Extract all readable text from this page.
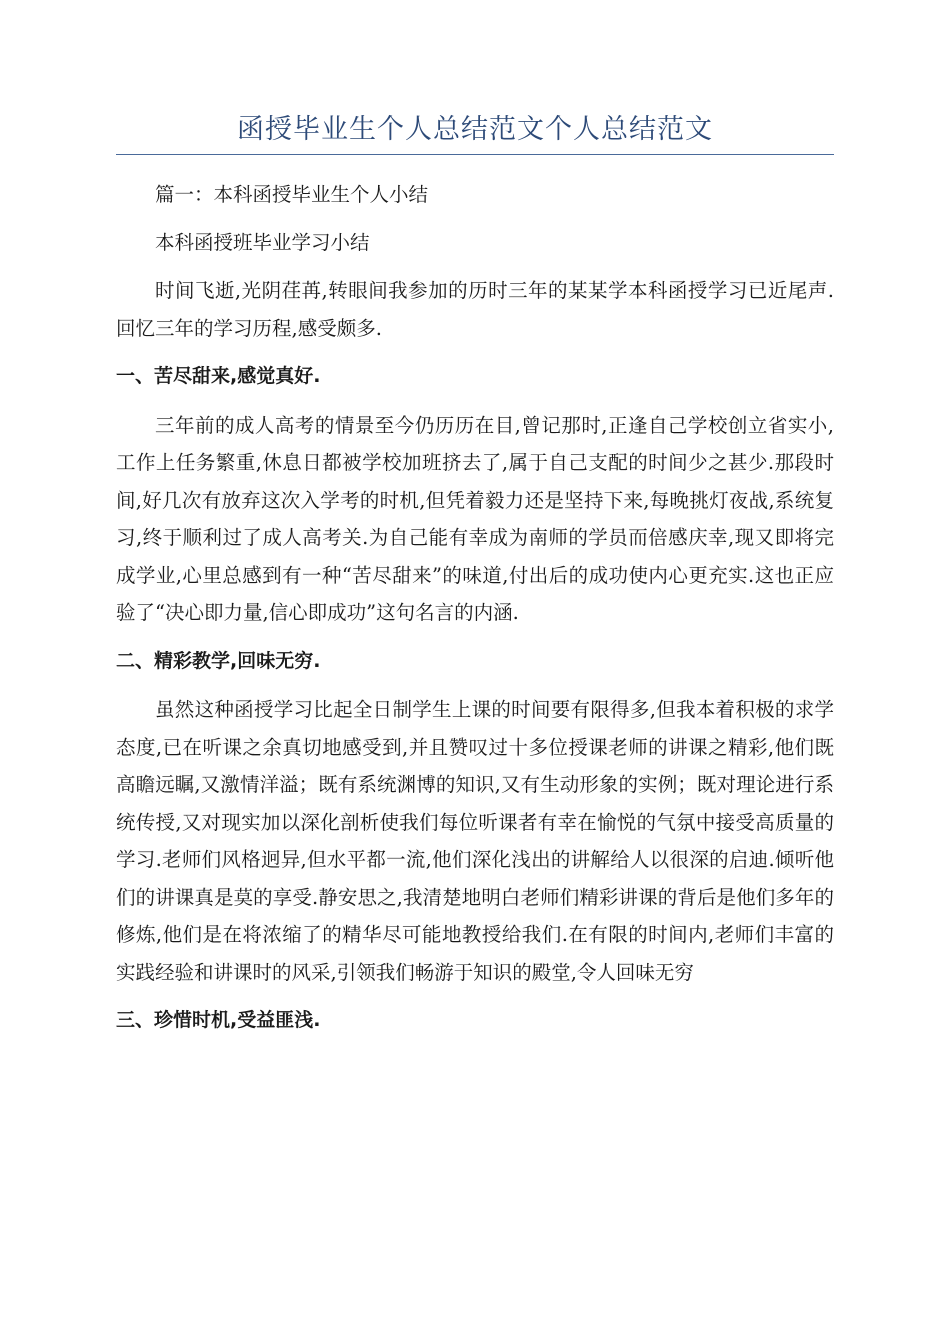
函授毕业生个人总结范文个人总结范文

篇一：本科函授毕业生个人小结

本科函授班毕业学习小结

时间飞逝,光阴荏苒,转眼间我参加的历时三年的某某学本科函授学习已近尾声.回忆三年的学习历程,感受颇多.

一、苦尽甜来,感觉真好.

三年前的成人高考的情景至今仍历历在目,曾记那时,正逢自己学校创立省实小,工作上任务繁重,休息日都被学校加班挤去了,属于自己支配的时间少之甚少.那段时间,好几次有放弃这次入学考的时机,但凭着毅力还是坚持下来,每晚挑灯夜战,系统复习,终于顺利过了成人高考关.为自己能有幸成为南师的学员而倍感庆幸,现又即将完成学业,心里总感到有一种“苦尽甜来”的味道,付出后的成功使内心更充实.这也正应验了“决心即力量,信心即成功”这句名言的内涵.

二、精彩教学,回味无穷.

虽然这种函授学习比起全日制学生上课的时间要有限得多,但我本着积极的求学态度,已在听课之余真切地感受到,并且赞叹过十多位授课老师的讲课之精彩,他们既高瞻远瞩,又激情洋溢；既有系统渊博的知识,又有生动形象的实例；既对理论进行系统传授,又对现实加以深化剖析使我们每位听课者有幸在愉悦的气氛中接受高质量的学习.老师们风格迥异,但水平都一流,他们深化浅出的讲解给人以很深的启迪.倾听他们的讲课真是莫的享受.静安思之,我清楚地明白老师们精彩讲课的背后是他们多年的修炼,他们是在将浓缩了的精华尽可能地教授给我们.在有限的时间内,老师们丰富的实践经验和讲课时的风采,引领我们畅游于知识的殿堂,令人回味无穷

三、珍惜时机,受益匪浅.
